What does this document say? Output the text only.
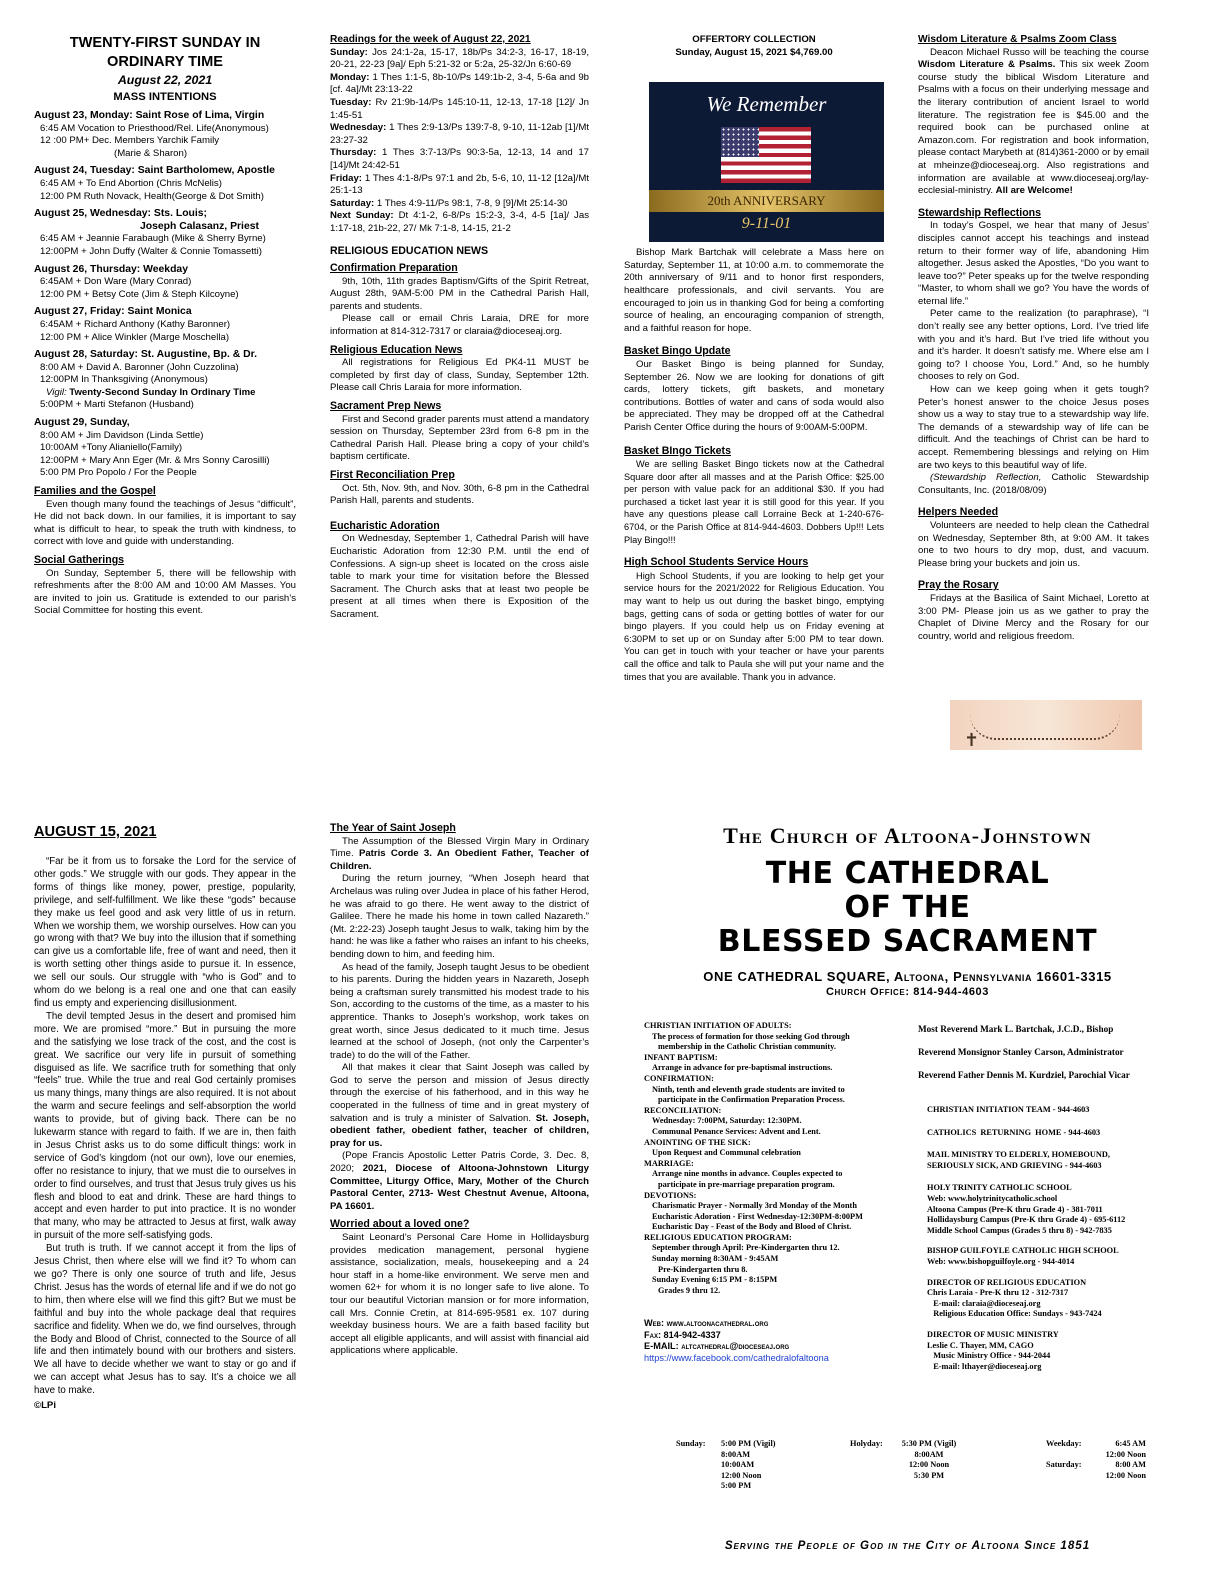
TWENTY-FIRST SUNDAY IN
ORDINARY TIME
August 22, 2021
MASS INTENTIONS
August 23, Monday: Saint Rose of Lima, Virgin
6:45 AM Vocation to Priesthood/Rel. Life(Anonymous)
12 :00 PM+ Dec. Members Yarchik Family
(Marie & Sharon)
August 24, Tuesday: Saint Bartholomew, Apostle
6:45 AM + To End Abortion (Chris McNelis)
12:00 PM Ruth Novack, Health(George & Dot Smith)
August 25, Wednesday: Sts. Louis;
Joseph Calasanz, Priest
6:45 AM + Jeannie Farabaugh (Mike & Sherry Byrne)
12:00PM + John Duffy (Walter & Connie Tomassetti)
August 26, Thursday: Weekday
6:45AM + Don Ware (Mary Conrad)
12:00 PM + Betsy Cote (Jim & Steph Kilcoyne)
August 27, Friday: Saint Monica
6:45AM + Richard Anthony (Kathy Baronner)
12:00 PM + Alice Winkler (Marge Moschella)
August 28, Saturday: St. Augustine, Bp. & Dr.
8:00 AM + David A. Baronner (John Cuzzolina)
12:00PM In Thanksgiving (Anonymous)
Vigil: Twenty-Second Sunday In Ordinary Time
5:00PM + Marti Stefanon (Husband)
August 29, Sunday,
8:00 AM + Jim Davidson (Linda Settle)
10:00AM +Tony Alianiello(Family)
12:00PM + Mary Ann Eger (Mr. & Mrs Sonny Carosilli)
5:00 PM Pro Popolo / For the People
Families and the Gospel

Even though many found the teachings of Jesus “difficult”, He did not back down. In our families, it is important to say what is difficult to hear, to speak the truth with kindness, to correct with love and guide with understanding.

Social Gatherings

On Sunday, September 5, there will be fellowship with refreshments after the 8:00 AM and 10:00 AM Masses. You are invited to join us. Gratitude is extended to our parish’s Social Committee for hosting this event.

Readings for the week of August 22, 2021

Sunday: Jos 24:1-2a, 15-17, 18b/Ps 34:2-3, 16-17, 18-19, 20-21, 22-23 [9a]/ Eph 5:21-32 or 5:2a, 25-32/Jn 6:60-69

Monday: 1 Thes 1:1-5, 8b-10/Ps 149:1b-2, 3-4, 5-6a and 9b [cf. 4a]/Mt 23:13-22

Tuesday: Rv 21:9b-14/Ps 145:10-11, 12-13, 17-18 [12]/ Jn 1:45-51

Wednesday: 1 Thes 2:9-13/Ps 139:7-8, 9-10, 11-12ab [1]/Mt 23:27-32

Thursday: 1 Thes 3:7-13/Ps 90:3-5a, 12-13, 14 and 17 [14]/Mt 24:42-51

Friday: 1 Thes 4:1-8/Ps 97:1 and 2b, 5-6, 10, 11-12 [12a]/Mt 25:1-13

Saturday: 1 Thes 4:9-11/Ps 98:1, 7-8, 9 [9]/Mt 25:14-30

Next Sunday: Dt 4:1-2, 6-8/Ps 15:2-3, 3-4, 4-5 [1a]/ Jas 1:17-18, 21b-22, 27/ Mk 7:1-8, 14-15, 21-2

RELIGIOUS EDUCATION NEWS
Confirmation Preparation

9th, 10th, 11th grades Baptism/Gifts of the Spirit Retreat, August 28th, 9AM-5:00 PM in the Cathedral Parish Hall, parents and students.

Please call or email Chris Laraia, DRE for more information at 814-312-7317 or claraia@dioceseaj.org.

Religious Education News

All registrations for Religious Ed PK4-11 MUST be completed by first day of class, Sunday, September 12th. Please call Chris Laraia for more information.

Sacrament Prep News

First and Second grader parents must attend a mandatory session on Thursday, September 23rd from 6-8 pm in the Cathedral Parish Hall. Please bring a copy of your child’s baptism certificate.

First Reconciliation Prep

Oct. 5th, Nov. 9th, and Nov. 30th, 6-8 pm in the Cathedral Parish Hall, parents and students.

Eucharistic Adoration

On Wednesday, September 1, Cathedral Parish will have Eucharistic Adoration from 12:30 P.M. until the end of Confessions. A sign-up sheet is located on the cross aisle table to mark your time for visitation before the Blessed Sacrament. The Church asks that at least two people be present at all times when there is Exposition of the Sacrament.

OFFERTORY COLLECTION
Sunday, August 15, 2021 $4,769.00

Bishop Mark Bartchak will celebrate a Mass here on Saturday, September 11, at 10:00 a.m. to commemorate the 20th anniversary of 9/11 and to honor first responders, healthcare professionals, and civil servants. You are encouraged to join us in thanking God for being a comforting source of healing, an encouraging companion of strength, and a faithful reason for hope.

Basket Bingo Update

Our Basket Bingo is being planned for Sunday, September 26. Now we are looking for donations of gift cards, lottery tickets, gift baskets, and monetary contributions. Bottles of water and cans of soda would also be appreciated. They may be dropped off at the Cathedral Parish Center Office during the hours of 9:00AM-5:00PM.

Basket BIngo Tickets

We are selling Basket Bingo tickets now at the Cathedral Square door after all masses and at the Parish Office: $25.00 per person with value pack for an additional $30. If you had purchased a ticket last year it is still good for this year. If you have any questions please call Lorraine Beck at 1-240-676-6704, or the Parish Office at 814-944-4603. Dobbers Up!!! Lets Play Bingo!!!

High School Students Service Hours

High School Students, if you are looking to help get your service hours for the 2021/2022 for Religious Education. You may want to help us out during the basket bingo, emptying bags, getting cans of soda or getting bottles of water for our bingo players. If you could help us on Friday evening at 6:30PM to set up or on Sunday after 5:00 PM to tear down. You can get in touch with your teacher or have your parents call the office and talk to Paula she will put your name and the times that you are available. Thank you in advance.

We Remember
20th ANNIVERSARY
9-11-01
Wisdom Literature & Psalms Zoom Class

Deacon Michael Russo will be teaching the course Wisdom Literature & Psalms. This six week Zoom course study the biblical Wisdom Literature and Psalms with a focus on their underlying message and the literary contribution of ancient Israel to world literature. The registration fee is $45.00 and the required book can be purchased online at Amazon.com. For registration and book information, please contact Marybeth at (814)361-2000 or by email at mheinze@dioceseaj.org. Also registrations and information are available at www.dioceseaj.org/lay-ecclesial-ministry. All are Welcome!

Stewardship Reflections

In today’s Gospel, we hear that many of Jesus’ disciples cannot accept his teachings and instead return to their former way of life, abandoning Him altogether. Jesus asked the Apostles, “Do you want to leave too?” Peter speaks up for the twelve responding “Master, to whom shall we go? You have the words of eternal life.”

Peter came to the realization (to paraphrase), “I don’t really see any better options, Lord. I’ve tried life with you and it’s hard. But I’ve tried life without you and it’s harder. It doesn’t satisfy me. Where else am I going to? I choose You, Lord.” And, so he humbly chooses to rely on God.

How can we keep going when it gets tough? Peter’s honest answer to the choice Jesus poses show us a way to stay true to a stewardship way life. The demands of a stewardship way of life can be difficult. And the teachings of Christ can be hard to accept. Remembering blessings and relying on Him are two keys to this beautiful way of life.

(Stewardship Reflection, Catholic Stewardship Consultants, Inc. (2018/08/09)

Helpers Needed

Volunteers are needed to help clean the Cathedral on Wednesday, September 8th, at 9:00 AM. It takes one to two hours to dry mop, dust, and vacuum. Please bring your buckets and join us.

Pray the Rosary

Fridays at the Basilica of Saint Michael, Loretto at 3:00 PM- Please join us as we gather to pray the Chaplet of Divine Mercy and the Rosary for our country, world and religious freedom.

✝
AUGUST 15, 2021

“Far be it from us to forsake the Lord for the service of other gods.” We struggle with our gods. They appear in the forms of things like money, power, prestige, popularity, privilege, and self-fulfillment. We like these “gods” because they make us feel good and ask very little of us in return. When we worship them, we worship ourselves. How can you go wrong with that? We buy into the illusion that if something can give us a comfortable life, free of want and need, then it is worth setting other things aside to pursue it. In essence, we sell our souls. Our struggle with “who is God” and to whom do we belong is a real one and one that can easily find us empty and experiencing disillusionment.

The devil tempted Jesus in the desert and promised him more. We are promised “more.” But in pursuing the more and the satisfying we lose track of the cost, and the cost is great. We sacrifice our very life in pursuit of something disguised as life. We sacrifice truth for something that only “feels” true. While the true and real God certainly promises us many things, many things are also required. It is not about the warm and secure feelings and self-absorption the world wants to provide, but of giving back. There can be no lukewarm stance with regard to faith. If we are in, then faith in Jesus Christ asks us to do some difficult things: work in service of God’s kingdom (not our own), love our enemies, offer no resistance to injury, that we must die to ourselves in order to find ourselves, and trust that Jesus truly gives us his flesh and blood to eat and drink. These are hard things to accept and even harder to put into practice. It is no wonder that many, who may be attracted to Jesus at first, walk away in pursuit of the more self-satisfying gods.

But truth is truth. If we cannot accept it from the lips of Jesus Christ, then where else will we find it? To whom can we go? There is only one source of truth and life, Jesus Christ. Jesus has the words of eternal life and if we do not go to him, then where else will we find this gift? But we must be faithful and buy into the whole package deal that requires sacrifice and fidelity. When we do, we find ourselves, through the Body and Blood of Christ, connected to the Source of all life and then intimately bound with our brothers and sisters. We all have to decide whether we want to stay or go and if we can accept what Jesus has to say. It’s a choice we all have to make.

©LPi
The Year of Saint Joseph

The Assumption of the Blessed Virgin Mary in Ordinary Time. Patris Corde 3. An Obedient Father, Teacher of Children.

During the return journey, “When Joseph heard that Archelaus was ruling over Judea in place of his father Herod, he was afraid to go there. He went away to the district of Galilee. There he made his home in town called Nazareth.” (Mt. 2:22-23) Joseph taught Jesus to walk, taking him by the hand: he was like a father who raises an infant to his cheeks, bending down to him, and feeding him.

As head of the family, Joseph taught Jesus to be obedient to his parents. During the hidden years in Nazareth, Joseph being a craftsman surely transmitted his modest trade to his Son, according to the customs of the time, as a master to his apprentice. Thanks to Joseph’s workshop, work takes on great worth, since Jesus dedicated to it much time. Jesus learned at the school of Joseph, (not only the Carpenter’s trade) to do the will of the Father.

All that makes it clear that Saint Joseph was called by God to serve the person and mission of Jesus directly through the exercise of his fatherhood, and in this way he cooperated in the fullness of time and in great mystery of salvation and is truly a minister of Salvation. St. Joseph, obedient father, obedient father, teacher of children, pray for us.

(Pope Francis Apostolic Letter Patris Corde, 3. Dec. 8, 2020; 2021, Diocese of Altoona-Johnstown Liturgy Committee, Liturgy Office, Mary, Mother of the Church Pastoral Center, 2713- West Chestnut Avenue, Altoona, PA 16601.

Worried about a loved one?

Saint Leonard’s Personal Care Home in Hollidaysburg provides medication management, personal hygiene assistance, socialization, meals, housekeeping and a 24 hour staff in a home-like environment. We serve men and women 62+ for whom it is no longer safe to live alone. To tour our beautiful Victorian mansion or for more information, call Mrs. Connie Cretin, at 814-695-9581 ex. 107 during weekday business hours. We are a faith based facility but accept all eligible applicants, and will assist with financial aid applications where applicable.

The Church of Altoona-Johnstown
THE CATHEDRAL
OF THE
BLESSED SACRAMENT
ONE CATHEDRAL SQUARE, Altoona, Pennsylvania 16601-3315
Church Office: 814-944-4603

CHRISTIAN INITIATION OF ADULTS:

The process of formation for those seeking God through

membership in the Catholic Christian community.

INFANT BAPTISM:

Arrange in advance for pre-baptismal instructions.

CONFIRMATION:

Ninth, tenth and eleventh grade students are invited to

participate in the Confirmation Preparation Process.

RECONCILIATION:

Wednesday: 7:00PM, Saturday: 12:30PM.

Communal Penance Services: Advent and Lent.

ANOINTING OF THE SICK:

Upon Request and Communal celebration

MARRIAGE:

Arrange nine months in advance. Couples expected to

participate in pre-marriage preparation program.

DEVOTIONS:

Charismatic Prayer - Normally 3rd Monday of the Month

Eucharistic Adoration - First Wednesday-12:30PM-8:00PM

Eucharistic Day - Feast of the Body and Blood of Christ.

RELIGIOUS EDUCATION PROGRAM:

September through April: Pre-Kindergarten thru 12.

Sunday morning 8:30AM - 9:45AM

Pre-Kindergarten thru 8.

Sunday Evening 6:15 PM - 8:15PM

Grades 9 thru 12.

Web: www.altoonacathedral.org

Fax: 814-942-4337

E-MAIL: altcathedral@dioceseaj.org

https://www.facebook.com/cathedralofaltoona

Most Reverend Mark L. Bartchak, J.C.D., Bishop

Reverend Monsignor Stanley Carson, Administrator

Reverend Father Dennis M. Kurdziel, Parochial Vicar

CHRISTIAN INITIATION TEAM - 944-4603

CATHOLICS  RETURNING  HOME - 944-4603

MAIL MINISTRY TO ELDERLY, HOMEBOUND,

SERIOUSLY SICK, AND GRIEVING - 944-4603

HOLY TRINITY CATHOLIC SCHOOL

Web: www.holytrinitycatholic.school

Altoona Campus (Pre-K thru Grade 4) - 381-7011

Hollidaysburg Campus (Pre-K thru Grade 4) - 695-6112

Middle School Campus (Grades 5 thru 8) - 942-7835

BISHOP GUILFOYLE CATHOLIC HIGH SCHOOL

Web: www.bishopguilfoyle.org - 944-4014

DIRECTOR OF RELIGIOUS EDUCATION

Chris Laraia - Pre-K thru 12 - 312-7317

E-mail: claraia@dioceseaj.org

Religious Education Office: Sundays - 943-7424

DIRECTOR OF MUSIC MINISTRY

Leslie C. Thayer, MM, CAGO

Music Ministry Office - 944-2044

E-mail: lthayer@dioceseaj.org

Sunday: 5:00 PM (Vigil)

8:00AM

10:00AM

12:00 Noon

5:00 PM

Holyday:	5:30 PM (Vigil)

8:00AM

12:00 Noon

5:30 PM

Weekday:
Saturday:

6:45 AM

12:00 Noon

8:00 AM

12:00 Noon

Serving the People of God in the City of Altoona Since 1851
